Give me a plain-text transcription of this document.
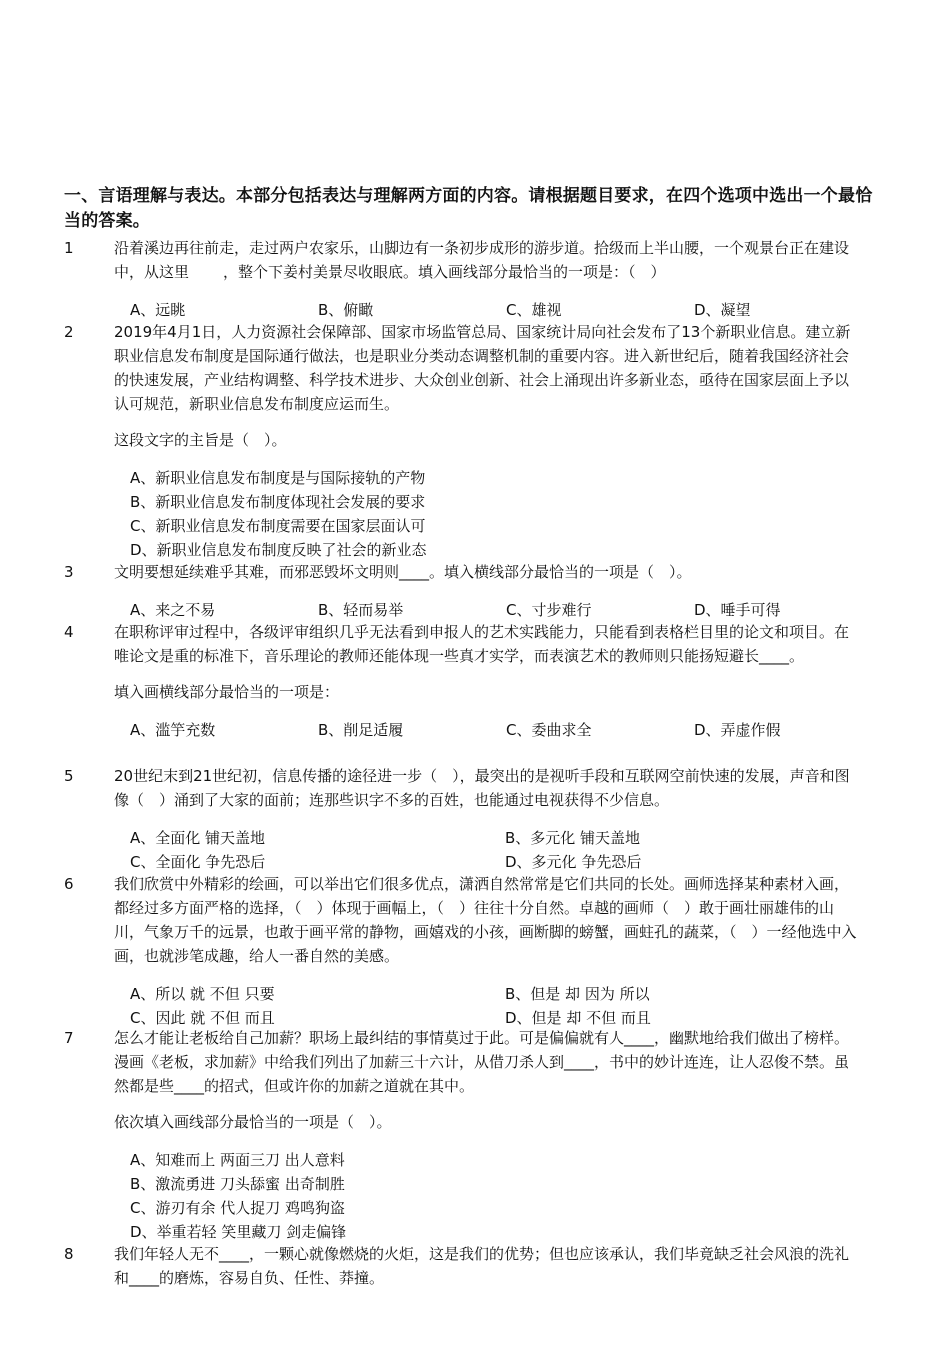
一、言语理解与表达。本部分包括表达与理解两方面的内容。请根据题目要求，在四个选项中选出一个最恰当的答案。
1	沿着溪边再往前走，走过两户农家乐，山脚边有一条初步成形的游步道。拾级而上半山腰，一个观景台正在建设中，从这里 ，整个下姜村美景尽收眼底。填入画线部分最恰当的一项是：（　）
A、远眺	B、俯瞰	C、雄视	D、凝望
2	2019年4月1日，人力资源社会保障部、国家市场监管总局、国家统计局向社会发布了13个新职业信息。建立新职业信息发布制度是国际通行做法，也是职业分类动态调整机制的重要内容。进入新世纪后，随着我国经济社会的快速发展，产业结构调整、科学技术进步、大众创业创新、社会上涌现出许多新业态，亟待在国家层面上予以认可规范，新职业信息发布制度应运而生。
这段文字的主旨是（　）。
A、新职业信息发布制度是与国际接轨的产物
B、新职业信息发布制度体现社会发展的要求
C、新职业信息发布制度需要在国家层面认可
D、新职业信息发布制度反映了社会的新业态
3	文明要想延续难乎其难，而邪恶毁坏文明则____。填入横线部分最恰当的一项是（　）。
A、来之不易	B、轻而易举	C、寸步难行	D、唾手可得
4	在职称评审过程中，各级评审组织几乎无法看到申报人的艺术实践能力，只能看到表格栏目里的论文和项目。在唯论文是重的标准下，音乐理论的教师还能体现一些真才实学，而表演艺术的教师则只能扬短避长____。
填入画横线部分最恰当的一项是：
A、滥竽充数	B、削足适履	C、委曲求全	D、弄虚作假
5	20世纪末到21世纪初，信息传播的途径进一步（　），最突出的是视听手段和互联网空前快速的发展，声音和图像（　）涌到了大家的面前；连那些识字不多的百姓，也能通过电视获得不少信息。
A、全面化 铺天盖地	B、多元化 铺天盖地
C、全面化 争先恐后	D、多元化 争先恐后
6	我们欣赏中外精彩的绘画，可以举出它们很多优点，潇洒自然常常是它们共同的长处。画师选择某种素材入画，都经过多方面严格的选择，（　）体现于画幅上，（　）往往十分自然。卓越的画师（　）敢于画壮丽雄伟的山川，气象万千的远景，也敢于画平常的静物，画嬉戏的小孩，画断脚的螃蟹，画蛀孔的蔬菜，（　）一经他选中入画，也就涉笔成趣，给人一番自然的美感。
A、所以 就 不但 只要	B、但是 却 因为 所以
C、因此 就 不但 而且	D、但是 却 不但 而且
7	怎么才能让老板给自己加薪？职场上最纠结的事情莫过于此。可是偏偏就有人____，幽默地给我们做出了榜样。漫画《老板，求加薪》中给我们列出了加薪三十六计，从借刀杀人到____，书中的妙计连连，让人忍俊不禁。虽然都是些____的招式，但或许你的加薪之道就在其中。
依次填入画线部分最恰当的一项是（　）。
A、知难而上 两面三刀 出人意料
B、激流勇进 刀头舔蜜 出奇制胜
C、游刃有余 代人捉刀 鸡鸣狗盗
D、举重若轻 笑里藏刀 剑走偏锋
8	我们年轻人无不____，一颗心就像燃烧的火炬，这是我们的优势；但也应该承认，我们毕竟缺乏社会风浪的洗礼和____的磨炼，容易自负、任性、莽撞。
